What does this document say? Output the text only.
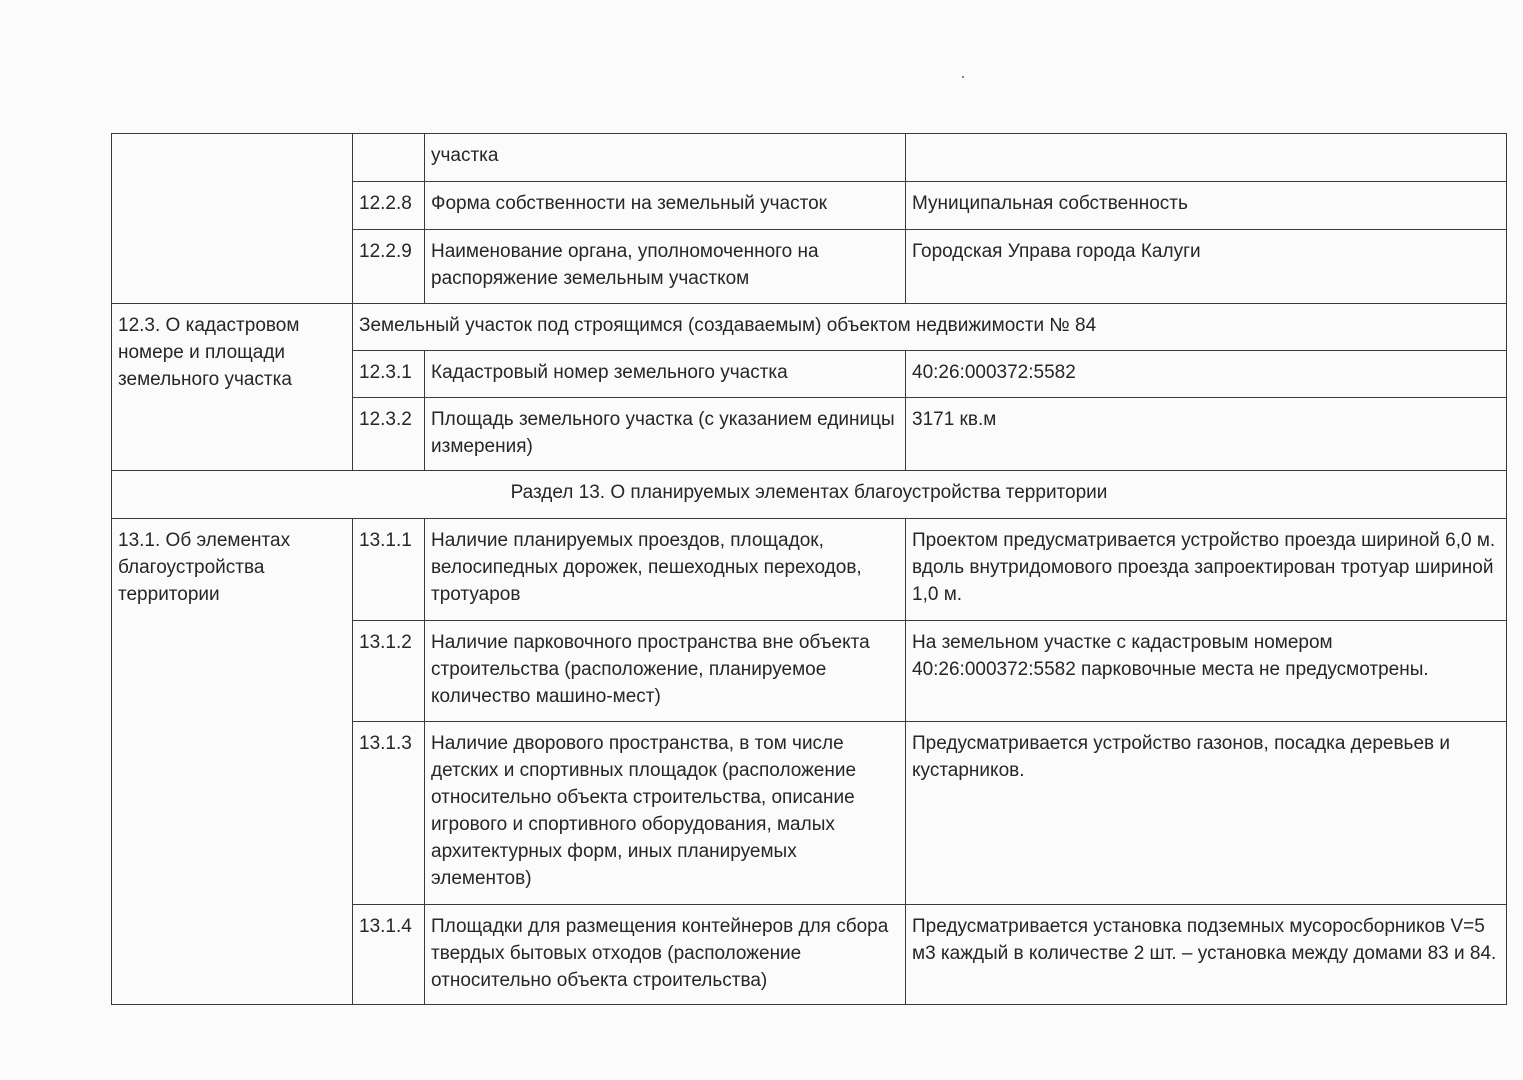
		участка	
	12.2.8	Форма собственности на земельный участок	Муниципальная собственность
	12.2.9	Наименование органа, уполномоченного на распоряжение земельным участком	Городская Управа города Калуги
12.3. О кадастровом номере и площади земельного участка	Земельный участок под строящимся (создаваемым) объектом недвижимости № 84		
	12.3.1	Кадастровый номер земельного участка	40:26:000372:5582
	12.3.2	Площадь земельного участка (с указанием единицы измерения)	3171 кв.м
Раздел 13. О планируемых элементах благоустройства территории			
13.1. Об элементах благоустройства территории	13.1.1	Наличие планируемых проездов, площадок, велосипедных дорожек, пешеходных переходов, тротуаров	Проектом предусматривается устройство проезда шириной 6,0 м. вдоль внутридомового проезда запроектирован тротуар шириной 1,0 м.
	13.1.2	Наличие парковочного пространства вне объекта строительства (расположение, планируемое количество машино-мест)	На земельном участке с кадастровым номером 40:26:000372:5582 парковочные места не предусмотрены.
	13.1.3	Наличие дворового пространства, в том числе детских и спортивных площадок (расположение относительно объекта строительства, описание игрового и спортивного оборудования, малых архитектурных форм, иных планируемых элементов)	Предусматривается устройство газонов, посадка деревьев и кустарников.
	13.1.4	Площадки для размещения контейнеров для сбора твердых бытовых отходов (расположение относительно объекта строительства)	Предусматривается установка подземных мусоросборников V=5 м3 каждый в количестве 2 шт. – установка между домами 83 и 84.
